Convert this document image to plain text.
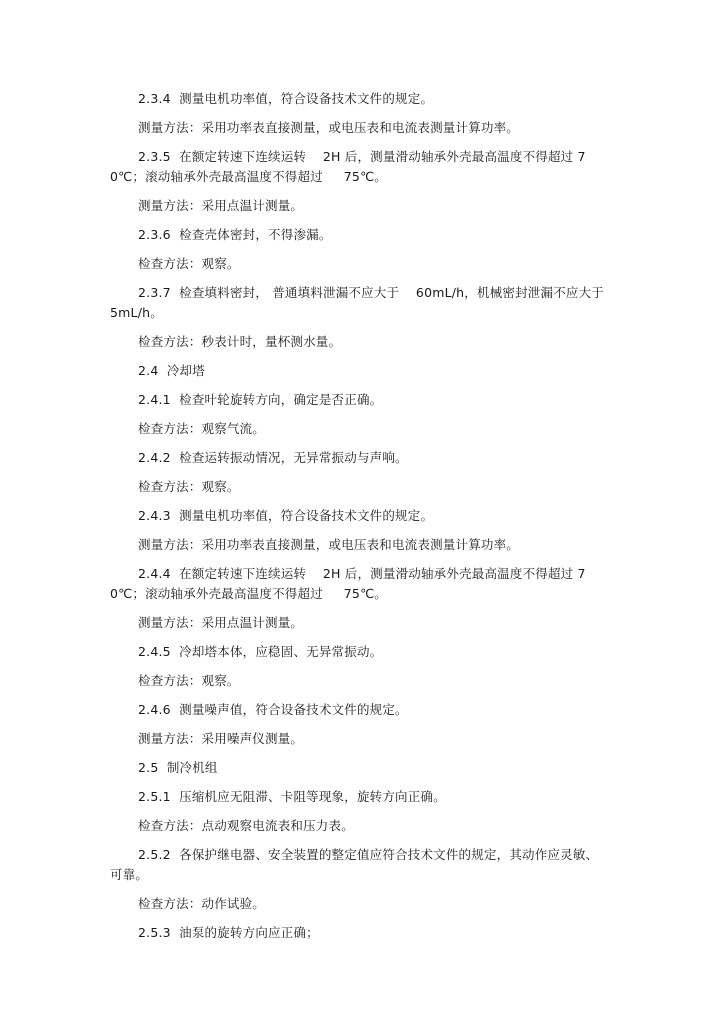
2.3.4  测量电机功率值，符合设备技术文件的规定。

测量方法：采用功率表直接测量，或电压表和电流表测量计算功率。

2.3.5  在额定转速下连续运转    2H 后，测量滑动轴承外壳最高温度不得超过 70℃；滚动轴承外壳最高温度不得超过     75℃。

测量方法：采用点温计测量。

2.3.6  检查壳体密封，不得渗漏。

检查方法：观察。

2.3.7  检查填料密封， 普通填料泄漏不应大于    60mL/h，机械密封泄漏不应大于 5mL/h。

检查方法：秒表计时，量杯测水量。

2.4  冷却塔

2.4.1  检查叶轮旋转方向，确定是否正确。

检查方法：观察气流。

2.4.2  检查运转振动情况，无异常振动与声响。

检查方法：观察。

2.4.3  测量电机功率值，符合设备技术文件的规定。

测量方法：采用功率表直接测量，或电压表和电流表测量计算功率。

2.4.4  在额定转速下连续运转    2H 后，测量滑动轴承外壳最高温度不得超过 70℃；滚动轴承外壳最高温度不得超过     75℃。

测量方法：采用点温计测量。

2.4.5  冷却塔本体，应稳固、无异常振动。

检查方法：观察。

2.4.6  测量噪声值，符合设备技术文件的规定。

测量方法：采用噪声仪测量。

2.5  制冷机组

2.5.1  压缩机应无阻滞、卡阻等现象，旋转方向正确。

检查方法：点动观察电流表和压力表。

2.5.2  各保护继电器、安全装置的整定值应符合技术文件的规定，其动作应灵敏、可靠。

检查方法：动作试验。

2.5.3  油泵的旋转方向应正确；
